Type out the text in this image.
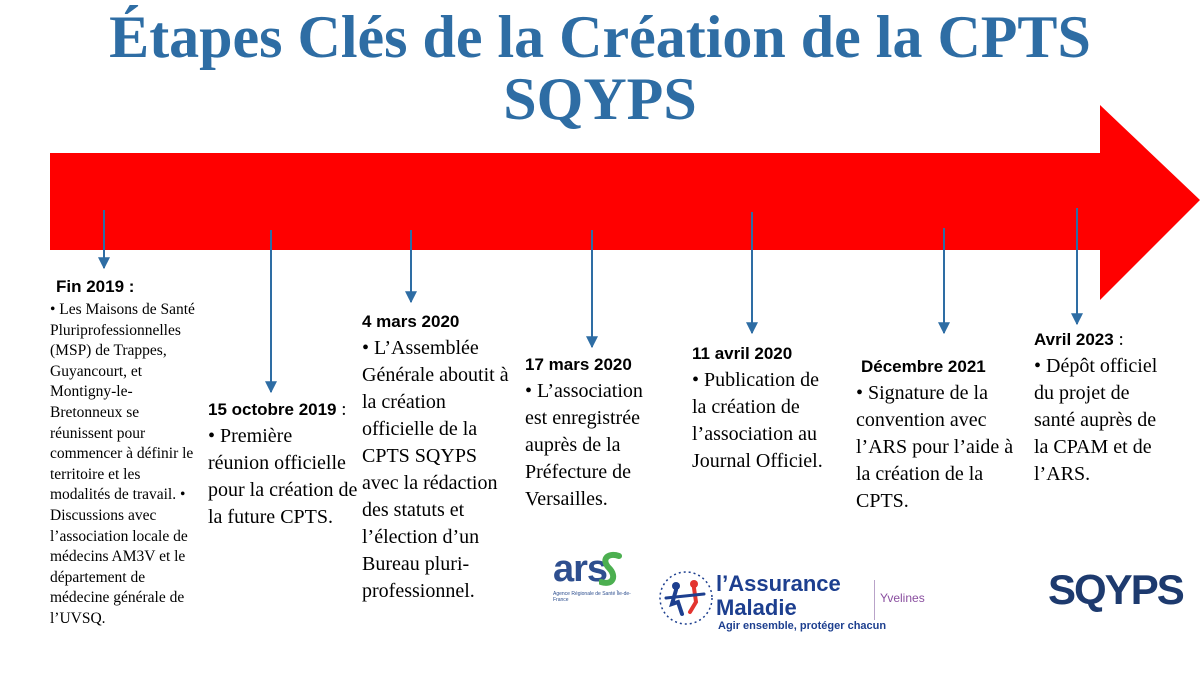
Étapes Clés de la Création de la CPTS
SQYPS
Fin 2019 :
• Les Maisons de Santé Pluriprofessionnelles (MSP) de Trappes, Guyancourt, et Montigny-le-Bretonneux se réunissent pour commencer à définir le territoire et les modalités de travail. • Discussions avec l’association locale de médecins AM3V et le département de médecine générale de l’UVSQ.
15 octobre 2019 :
• Première réunion officielle pour la création de la future CPTS.
4 mars 2020
• L’Assemblée Générale aboutit à la création officielle de la CPTS SQYPS avec la rédaction des statuts et l’élection d’un Bureau pluri-professionnel.
17 mars 2020
• L’association est enregistrée auprès de la Préfecture de Versailles.
11 avril 2020
• Publication de la création de l’association au Journal Officiel.
Décembre 2021
• Signature de la convention avec l’ARS pour l’aide à la création de la CPTS.
Avril 2023 :
• Dépôt officiel du projet de santé auprès de la CPAM et de l’ARS.
ars
Agence Régionale de Santé Île-de-France
l’Assurance Maladie
Agir ensemble, protéger chacun
Yvelines	SQYPS
